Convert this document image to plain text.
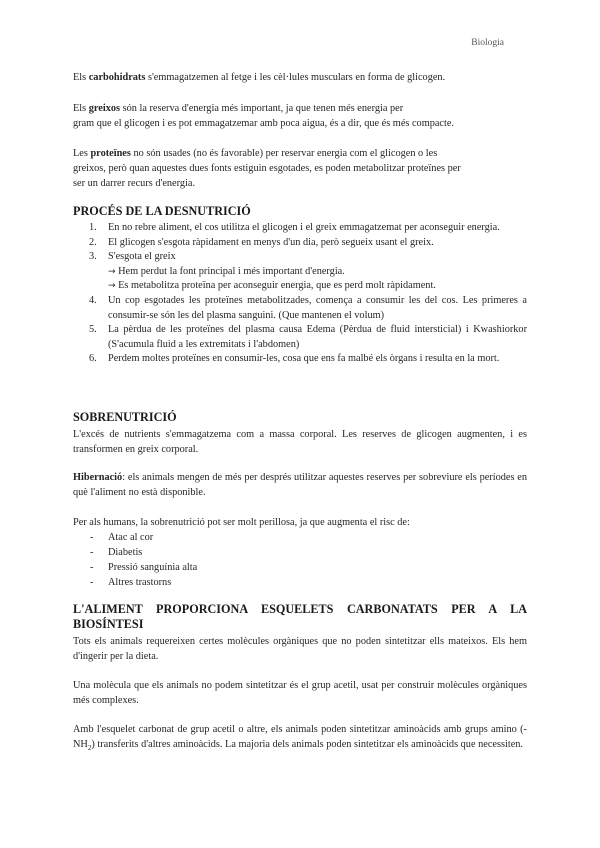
Biologia
Els carbohidrats s'emmagatzemen al fetge i les cèl·lules musculars en forma de glicogen.
Els greixos són la reserva d'energia més important, ja que tenen més energia per
gram que el glicogen i es pot emmagatzemar amb poca aigua, és a dir, que és més compacte.
Les proteïnes no són usades (no és favorable) per reservar energia com el glicogen o les
greixos, però quan aquestes dues fonts estiguin esgotades, es poden metabolitzar proteïnes per
ser un darrer recurs d'energia.
PROCÉS DE LA DESNUTRICIÓ
1. En no rebre aliment, el cos utilitza el glicogen i el greix emmagatzemat per aconseguir energia.
2. El glicogen s'esgota ràpidament en menys d'un dia, però segueix usant el greix.
3. S'esgota el greix
→ Hem perdut la font principal i més important d'energia.
→ Es metabolitza proteïna per aconseguir energia, que es perd molt ràpidament.
4. Un cop esgotades les proteïnes metabolitzades, comença a consumir les del cos. Les primeres a consumir-se són les del plasma sanguini. (Que mantenen el volum)
5. La pèrdua de les proteïnes del plasma causa Edema (Pèrdua de fluid intersticial) i Kwashiorkor (S'acumula fluid a les extremitats i l'abdomen)
6. Perdem moltes proteïnes en consumir-les, cosa que ens fa malbé els òrgans i resulta en la mort.
SOBRENUTRICIÓ
L'excés de nutrients s'emmagatzema com a massa corporal. Les reserves de glicogen augmenten, i es transformen en greix corporal.
Hibernació: els animals mengen de més per després utilitzar aquestes reserves per sobreviure els períodes en què l'aliment no està disponible.
Per als humans, la sobrenutrició pot ser molt perillosa, ja que augmenta el risc de:
- Atac al cor
- Diabetis
- Pressió sanguínia alta
- Altres trastorns
L'ALIMENT PROPORCIONA ESQUELETS CARBONATATS PER A LA
BIOSÍNTESI
Tots els animals requereixen certes molècules orgàniques que no poden sintetitzar ells mateixos. Els hem d'ingerir per la dieta.
Una molècula que els animals no podem sintetitzar és el grup acetil, usat per construir molècules orgàniques més complexes.
Amb l'esquelet carbonat de grup acetil o altre, els animals poden sintetitzar aminoàcids amb grups amino $(-NH_2)$ transferits d'altres aminoàcids. La majoria dels animals poden sintetitzar els aminoàcids que necessiten.
